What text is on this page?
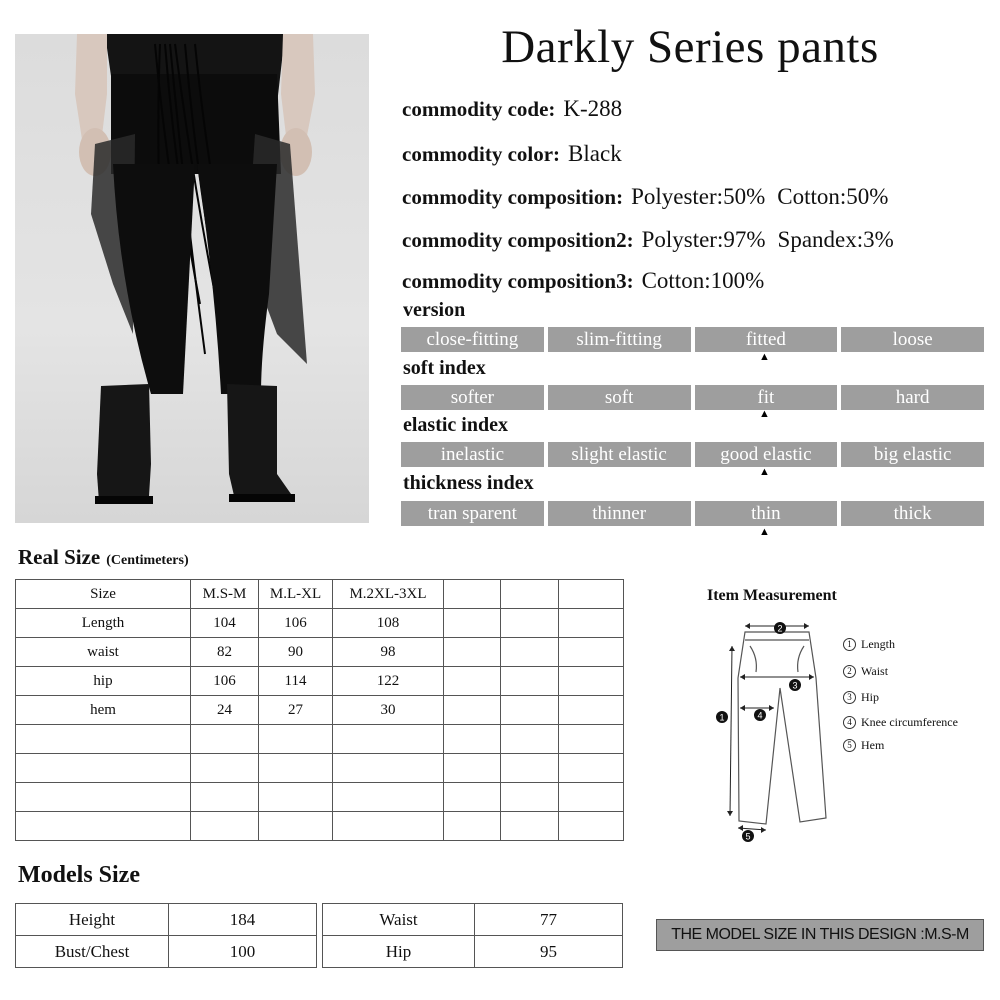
Darkly Series pants
commodity code: K-288
commodity color: Black
commodity composition: Polyester:50% Cotton:50%
commodity composition2: Polyster:97% Spandex:3%
commodity composition3: Cotton:100%
version
close-fitting	slim-fitting	fitted	loose
▲
soft index
softer	soft	fit	hard
▲
elastic index
inelastic	slight elastic	good elastic	big elastic
▲
thickness index
tran sparent	thinner	thin	thick
▲
Real Size (Centimeters)
Size	M.S-M	M.L-XL	M.2XL-3XL			
Length	104	106	108			
waist	82	90	98			
hip	106	114	122			
hem	24	27	30			

Models Size
Height	184
Bust/Chest	100
Waist	77
Hip	95
THE MODEL SIZE IN THIS DESIGN :M.S-M
Item Measurement
2
3
4
1
5
1 Length
2 Waist
3 Hip
4 Knee circumference
5 Hem
